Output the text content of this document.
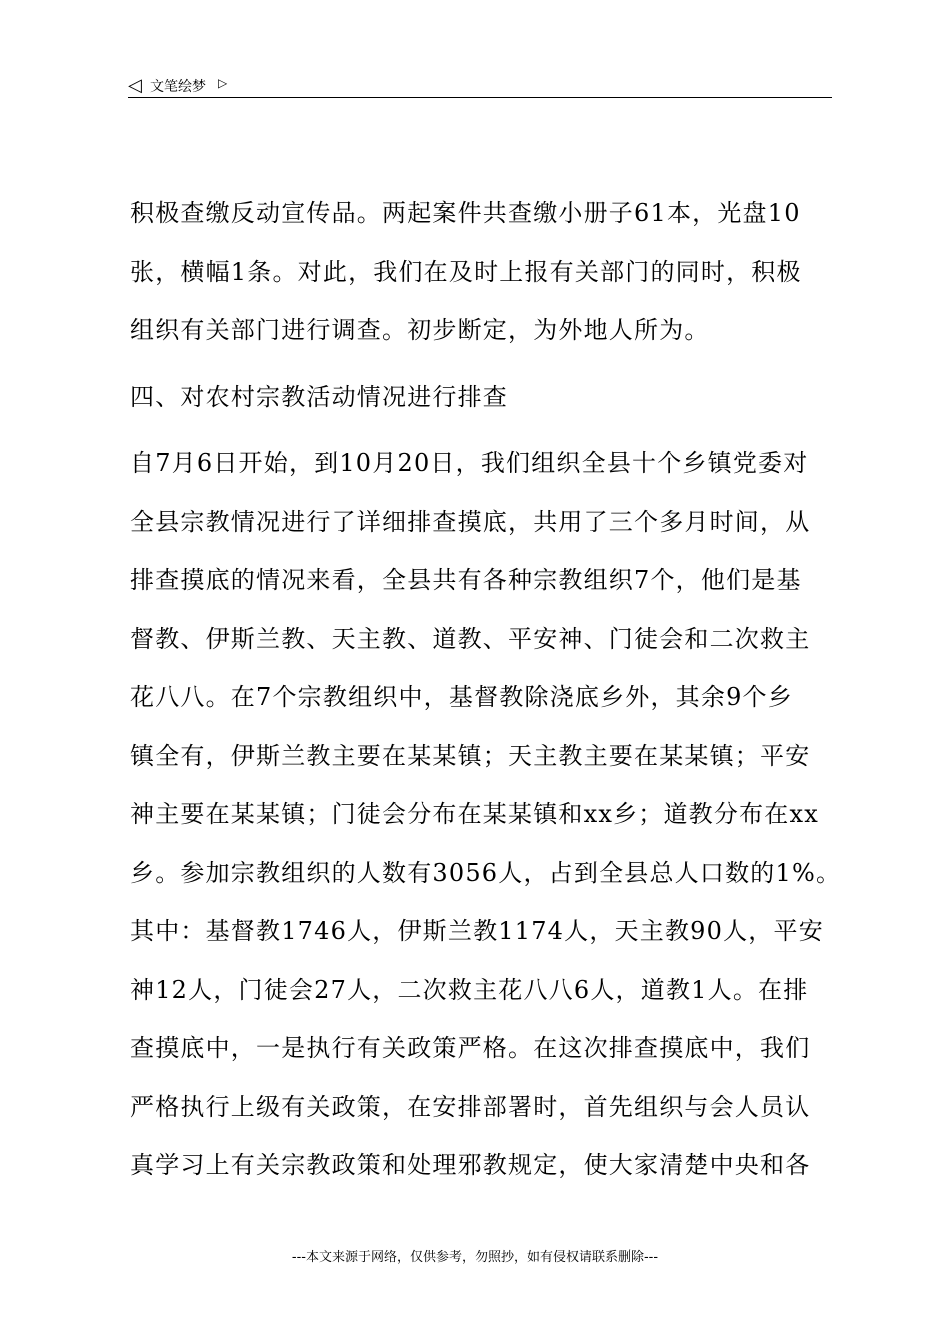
◁ 文笔绘梦 ▷
积极查缴反动宣传品。两起案件共查缴小册子61本，光盘10
张，横幅1条。对此，我们在及时上报有关部门的同时，积极
组织有关部门进行调查。初步断定，为外地人所为。
四、对农村宗教活动情况进行排查
自7月6日开始，到10月20日，我们组织全县十个乡镇党委对
全县宗教情况进行了详细排查摸底，共用了三个多月时间，从
排查摸底的情况来看，全县共有各种宗教组织7个，他们是基
督教、伊斯兰教、天主教、道教、平安神、门徒会和二次救主
花八八。在7个宗教组织中，基督教除浇底乡外，其余9个乡
镇全有，伊斯兰教主要在某某镇；天主教主要在某某镇；平安
神主要在某某镇；门徒会分布在某某镇和xx乡；道教分布在xx
乡。参加宗教组织的人数有3056人，占到全县总人口数的1%。
其中：基督教1746人，伊斯兰教1174人，天主教90人，平安
神12人，门徒会27人，二次救主花八八6人，道教1人。在排
查摸底中，一是执行有关政策严格。在这次排查摸底中，我们
严格执行上级有关政策，在安排部署时，首先组织与会人员认
真学习上有关宗教政策和处理邪教规定，使大家清楚中央和各
---本文来源于网络，仅供参考，勿照抄，如有侵权请联系删除---
